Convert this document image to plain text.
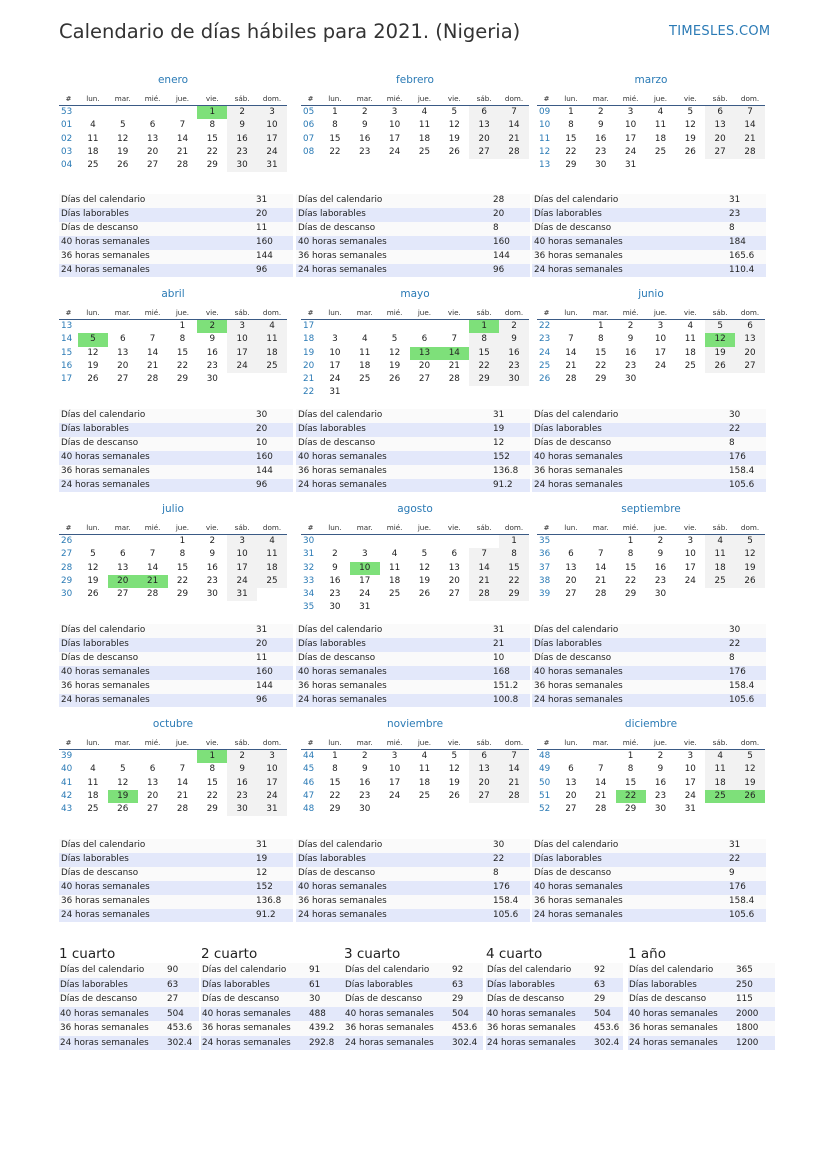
Calendario de días hábiles para 2021. (Nigeria)	TIMESLES.COM
enero
#	lun.	mar.	mié.	jue.	vie.	sáb.	dom.
53					1	2	3
01	4	5	6	7	8	9	10
02	11	12	13	14	15	16	17
03	18	19	20	21	22	23	24
04	25	26	27	28	29	30	31
Días del calendario	31
Días laborables	20
Días de descanso	11
40 horas semanales	160
36 horas semanales	144
24 horas semanales	96
febrero
#	lun.	mar.	mié.	jue.	vie.	sáb.	dom.
05	1	2	3	4	5	6	7
06	8	9	10	11	12	13	14
07	15	16	17	18	19	20	21
08	22	23	24	25	26	27	28
Días del calendario	28
Días laborables	20
Días de descanso	8
40 horas semanales	160
36 horas semanales	144
24 horas semanales	96
marzo
#	lun.	mar.	mié.	jue.	vie.	sáb.	dom.
09	1	2	3	4	5	6	7
10	8	9	10	11	12	13	14
11	15	16	17	18	19	20	21
12	22	23	24	25	26	27	28
13	29	30	31				
Días del calendario	31
Días laborables	23
Días de descanso	8
40 horas semanales	184
36 horas semanales	165.6
24 horas semanales	110.4
abril
#	lun.	mar.	mié.	jue.	vie.	sáb.	dom.
13				1	2	3	4
14	5	6	7	8	9	10	11
15	12	13	14	15	16	17	18
16	19	20	21	22	23	24	25
17	26	27	28	29	30		
Días del calendario	30
Días laborables	20
Días de descanso	10
40 horas semanales	160
36 horas semanales	144
24 horas semanales	96
mayo
#	lun.	mar.	mié.	jue.	vie.	sáb.	dom.
17						1	2
18	3	4	5	6	7	8	9
19	10	11	12	13	14	15	16
20	17	18	19	20	21	22	23
21	24	25	26	27	28	29	30
22	31						
Días del calendario	31
Días laborables	19
Días de descanso	12
40 horas semanales	152
36 horas semanales	136.8
24 horas semanales	91.2
junio
#	lun.	mar.	mié.	jue.	vie.	sáb.	dom.
22		1	2	3	4	5	6
23	7	8	9	10	11	12	13
24	14	15	16	17	18	19	20
25	21	22	23	24	25	26	27
26	28	29	30				
Días del calendario	30
Días laborables	22
Días de descanso	8
40 horas semanales	176
36 horas semanales	158.4
24 horas semanales	105.6
julio
#	lun.	mar.	mié.	jue.	vie.	sáb.	dom.
26				1	2	3	4
27	5	6	7	8	9	10	11
28	12	13	14	15	16	17	18
29	19	20	21	22	23	24	25
30	26	27	28	29	30	31	
Días del calendario	31
Días laborables	20
Días de descanso	11
40 horas semanales	160
36 horas semanales	144
24 horas semanales	96
agosto
#	lun.	mar.	mié.	jue.	vie.	sáb.	dom.
30							1
31	2	3	4	5	6	7	8
32	9	10	11	12	13	14	15
33	16	17	18	19	20	21	22
34	23	24	25	26	27	28	29
35	30	31					
Días del calendario	31
Días laborables	21
Días de descanso	10
40 horas semanales	168
36 horas semanales	151.2
24 horas semanales	100.8
septiembre
#	lun.	mar.	mié.	jue.	vie.	sáb.	dom.
35			1	2	3	4	5
36	6	7	8	9	10	11	12
37	13	14	15	16	17	18	19
38	20	21	22	23	24	25	26
39	27	28	29	30			
Días del calendario	30
Días laborables	22
Días de descanso	8
40 horas semanales	176
36 horas semanales	158.4
24 horas semanales	105.6
octubre
#	lun.	mar.	mié.	jue.	vie.	sáb.	dom.
39					1	2	3
40	4	5	6	7	8	9	10
41	11	12	13	14	15	16	17
42	18	19	20	21	22	23	24
43	25	26	27	28	29	30	31
Días del calendario	31
Días laborables	19
Días de descanso	12
40 horas semanales	152
36 horas semanales	136.8
24 horas semanales	91.2
noviembre
#	lun.	mar.	mié.	jue.	vie.	sáb.	dom.
44	1	2	3	4	5	6	7
45	8	9	10	11	12	13	14
46	15	16	17	18	19	20	21
47	22	23	24	25	26	27	28
48	29	30					
Días del calendario	30
Días laborables	22
Días de descanso	8
40 horas semanales	176
36 horas semanales	158.4
24 horas semanales	105.6
diciembre
#	lun.	mar.	mié.	jue.	vie.	sáb.	dom.
48			1	2	3	4	5
49	6	7	8	9	10	11	12
50	13	14	15	16	17	18	19
51	20	21	22	23	24	25	26
52	27	28	29	30	31		
Días del calendario	31
Días laborables	22
Días de descanso	9
40 horas semanales	176
36 horas semanales	158.4
24 horas semanales	105.6
1 cuarto
Días del calendario	90
Días laborables	63
Días de descanso	27
40 horas semanales	504
36 horas semanales	453.6
24 horas semanales	302.4
2 cuarto
Días del calendario	91
Días laborables	61
Días de descanso	30
40 horas semanales	488
36 horas semanales	439.2
24 horas semanales	292.8
3 cuarto
Días del calendario	92
Días laborables	63
Días de descanso	29
40 horas semanales	504
36 horas semanales	453.6
24 horas semanales	302.4
4 cuarto
Días del calendario	92
Días laborables	63
Días de descanso	29
40 horas semanales	504
36 horas semanales	453.6
24 horas semanales	302.4
1 año
Días del calendario	365
Días laborables	250
Días de descanso	115
40 horas semanales	2000
36 horas semanales	1800
24 horas semanales	1200
